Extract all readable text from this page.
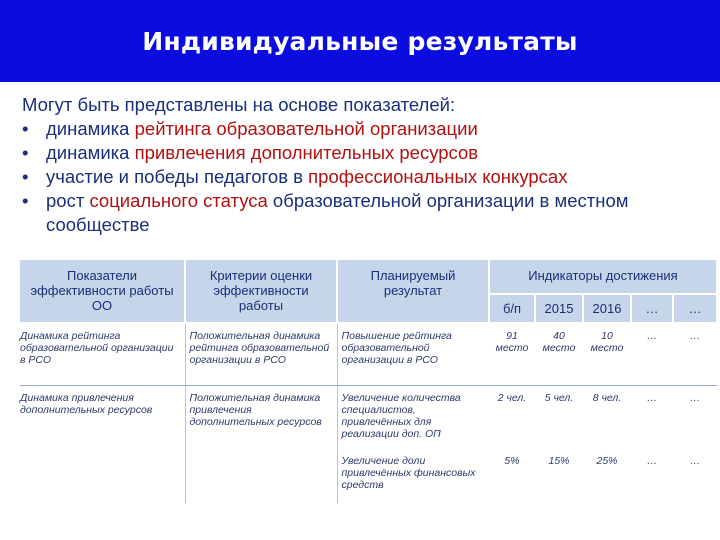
Индивидуальные результаты
Могут быть представлены на основе показателей:
• динамика рейтинга образовательной организации
• динамика привлечения дополнительных ресурсов
• участие и победы педагогов в профессиональных конкурсах
• рост социального статуса образовательной организации в местном сообществе
Показатели эффективности работы ОО	Критерии оценки эффективности работы	Планируемый результат	Индикаторы достижения				
			б/п	2015	2016	…	…
Динамика рейтинга образовательной организации в РСО	Положительная динамика рейтинга образовательной организации в РСО	Повышение рейтинга образовательной организации в РСО	91 место	40 место	10 место	…	…
Динамика привлечения дополнительных ресурсов	Положительная динамика привлечения дополнительных ресурсов	Увеличение количества специалистов, привлечённых для реализации доп. ОП	2 чел.	5 чел.	8 чел.	…	…
		Увеличение доли привлечённых финансовых средств	5%	15%	25%	…	…
